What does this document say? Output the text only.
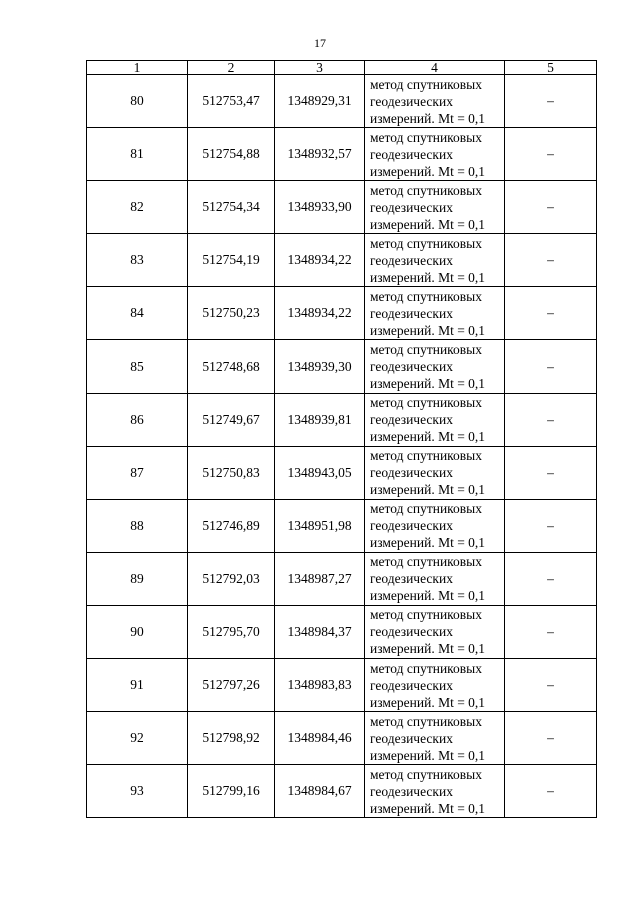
17
1	2	3	4	5
80	512753,47	1348929,31	метод спутниковых
геодезических
измерений. Mt = 0,1	–
81	512754,88	1348932,57	метод спутниковых
геодезических
измерений. Mt = 0,1	–
82	512754,34	1348933,90	метод спутниковых
геодезических
измерений. Mt = 0,1	–
83	512754,19	1348934,22	метод спутниковых
геодезических
измерений. Mt = 0,1	–
84	512750,23	1348934,22	метод спутниковых
геодезических
измерений. Mt = 0,1	–
85	512748,68	1348939,30	метод спутниковых
геодезических
измерений. Mt = 0,1	–
86	512749,67	1348939,81	метод спутниковых
геодезических
измерений. Mt = 0,1	–
87	512750,83	1348943,05	метод спутниковых
геодезических
измерений. Mt = 0,1	–
88	512746,89	1348951,98	метод спутниковых
геодезических
измерений. Mt = 0,1	–
89	512792,03	1348987,27	метод спутниковых
геодезических
измерений. Mt = 0,1	–
90	512795,70	1348984,37	метод спутниковых
геодезических
измерений. Mt = 0,1	–
91	512797,26	1348983,83	метод спутниковых
геодезических
измерений. Mt = 0,1	–
92	512798,92	1348984,46	метод спутниковых
геодезических
измерений. Mt = 0,1	–
93	512799,16	1348984,67	метод спутниковых
геодезических
измерений. Mt = 0,1	–
